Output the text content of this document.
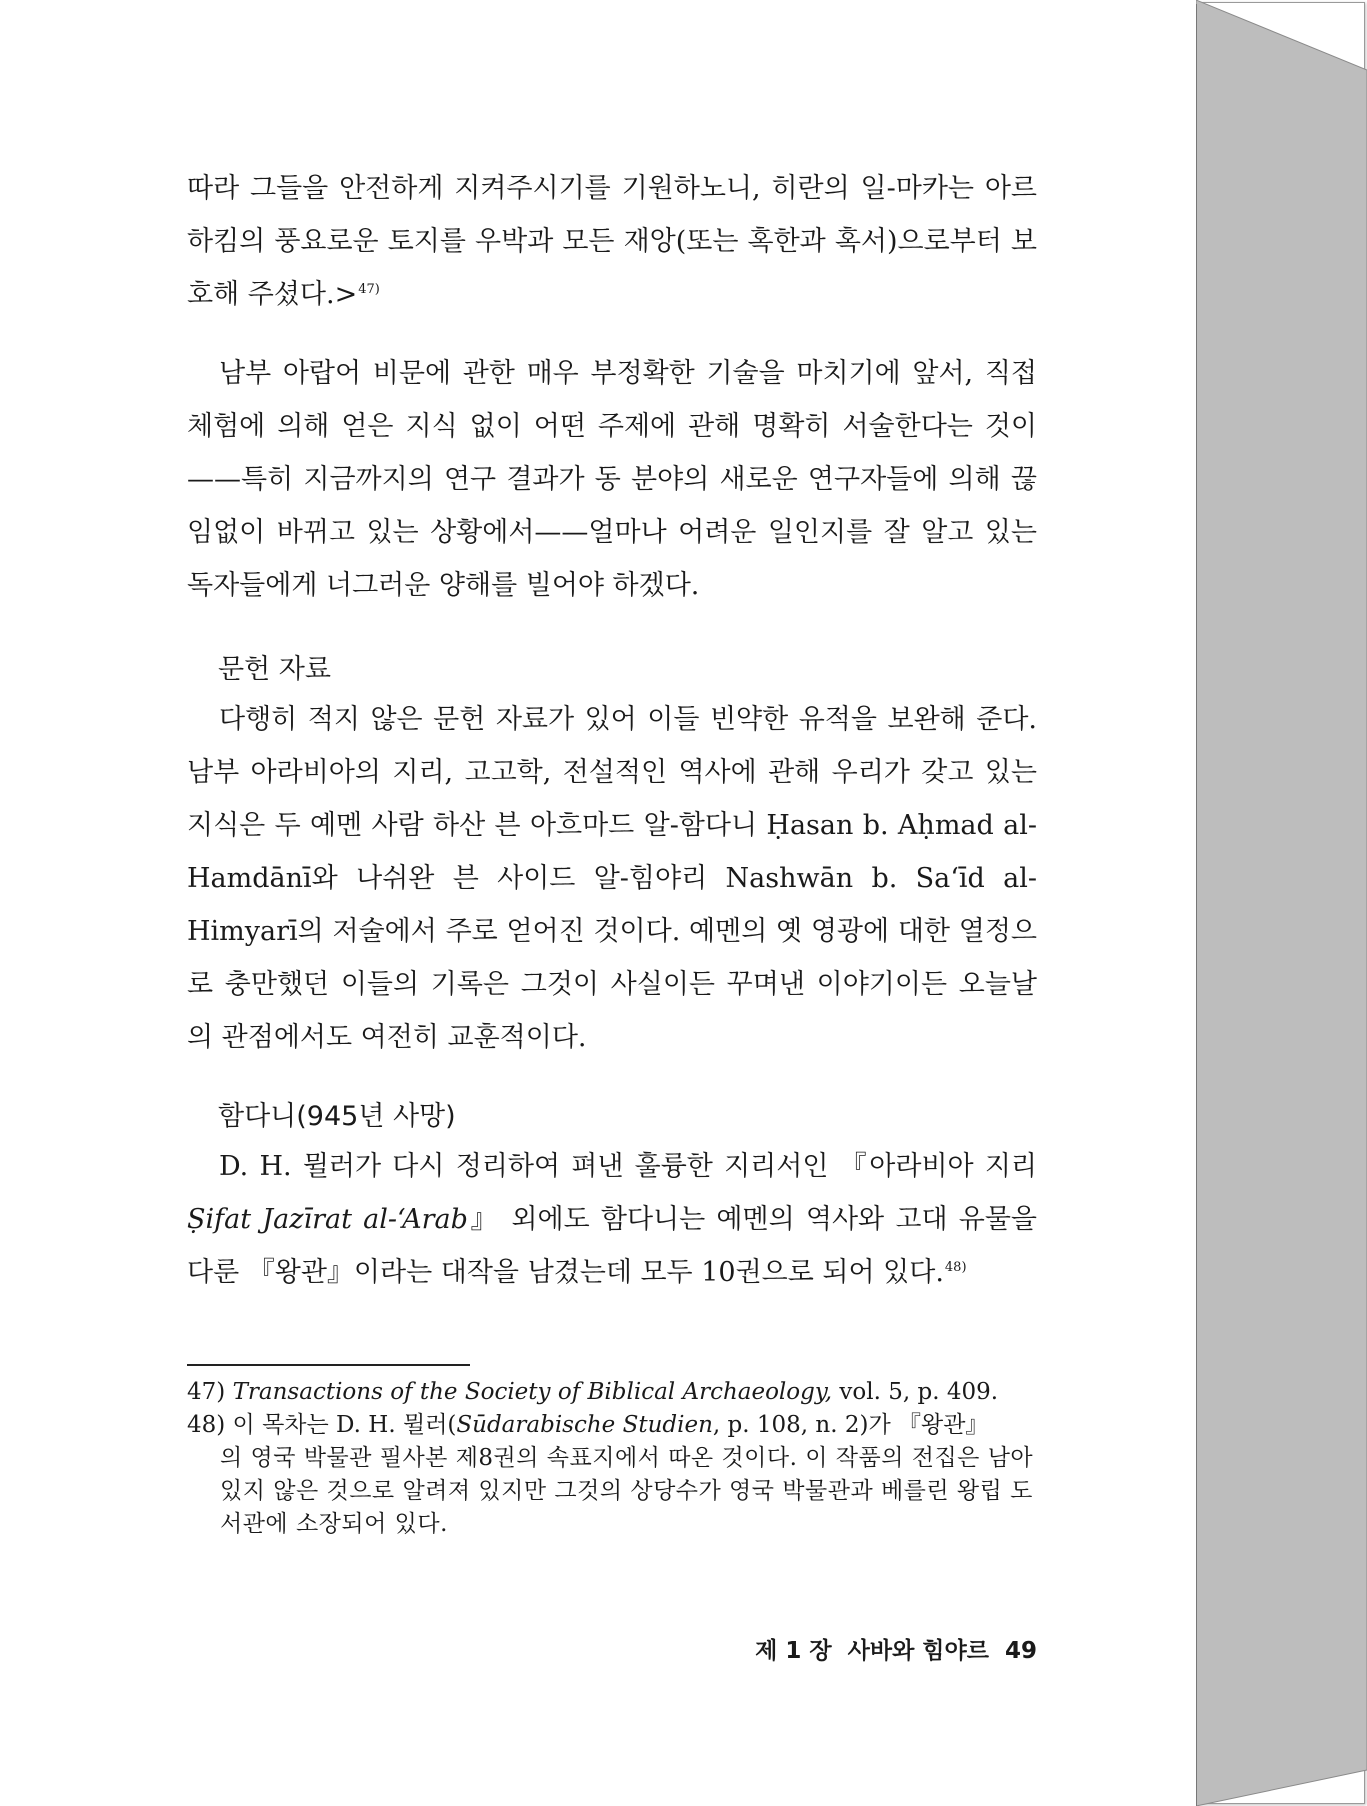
따라 그들을 안전하게 지켜주시기를 기원하노니, 히란의 일-마카는 아르하킴의 풍요로운 토지를 우박과 모든 재앙(또는 혹한과 혹서)으로부터 보호해 주셨다.>$^{47)}$

남부 아랍어 비문에 관한 매우 부정확한 기술을 마치기에 앞서, 직접 체험에 의해 얻은 지식 없이 어떤 주제에 관해 명확히 서술한다는 것이——특히 지금까지의 연구 결과가 동 분야의 새로운 연구자들에 의해 끊임없이 바뀌고 있는 상황에서——얼마나 어려운 일인지를 잘 알고 있는 독자들에게 너그러운 양해를 빌어야 하겠다.

문헌 자료

다행히 적지 않은 문헌 자료가 있어 이들 빈약한 유적을 보완해 준다. 남부 아라비아의 지리, 고고학, 전설적인 역사에 관해 우리가 갖고 있는 지식은 두 예멘 사람 하산 븐 아흐마드 알-함다니 Ḥasan b. Aḥmad al-Hamdānī와 나쉬완 븐 사이드 알-힘야리 Nashwān b. Sa‘īd al-Himyarī의 저술에서 주로 얻어진 것이다. 예멘의 옛 영광에 대한 열정으로 충만했던 이들의 기록은 그것이 사실이든 꾸며낸 이야기이든 오늘날의 관점에서도 여전히 교훈적이다.

함다니(945년 사망)

D. H. 뮐러가 다시 정리하여 펴낸 훌륭한 지리서인 『아라비아 지리 Ṣifat Jazīrat al-‘Arab』 외에도 함다니는 예멘의 역사와 고대 유물을 다룬 『왕관』이라는 대작을 남겼는데 모두 10권으로 되어 있다.$^{48)}$

47) Transactions of the Society of Biblical Archaeology, vol. 5, p. 409.

48) 이 목차는 D. H. 뮐러(Sūdarabische Studien, p. 108, n. 2)가 『왕관』

의 영국 박물관 필사본 제8권의 속표지에서 따온 것이다. 이 작품의 전집은 남아 있지 않은 것으로 알려져 있지만 그것의 상당수가 영국 박물관과 베를린 왕립 도서관에 소장되어 있다.

제 1 장  사바와 힘야르 49
